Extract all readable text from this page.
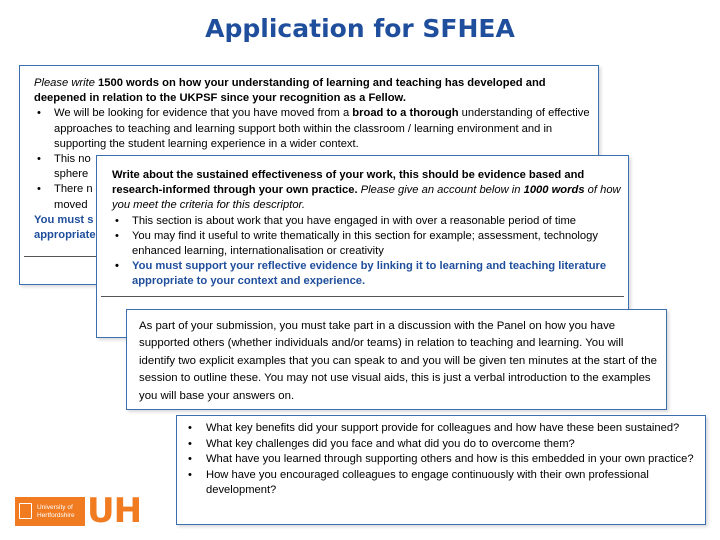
Application for SFHEA
Please write 1500 words on how your understanding of learning and teaching has developed and deepened in relation to the UKPSF since your recognition as a Fellow.
• We will be looking for evidence that you have moved from a broad to a thorough understanding of effective approaches to teaching and learning support both within the classroom / learning environment and in supporting the student learning experience in a wider context.
• This no
sphere
• There n
moved
You must s
appropriate
Write about the sustained effectiveness of your work, this should be evidence based and research-informed through your own practice. Please give an account below in 1000 words of how you meet the criteria for this descriptor.
• This section is about work that you have engaged in with over a reasonable period of time
• You may find it useful to write thematically in this section for example; assessment, technology enhanced learning, internationalisation or creativity
• You must support your reflective evidence by linking it to learning and teaching literature appropriate to your context and experience.
As part of your submission, you must take part in a discussion with the Panel on how you have supported others (whether individuals and/or teams) in relation to teaching and learning. You will identify two explicit examples that you can speak to and you will be given ten minutes at the start of the session to outline these. You may not use visual aids, this is just a verbal introduction to the examples you will base your answers on.
• What key benefits did your support provide for colleagues and how have these been sustained?
• What key challenges did you face and what did you do to overcome them?
• What have you learned through supporting others and how is this embedded in your own practice?
• How have you encouraged colleagues to engage continuously with their own professional development?
University of
Hertfordshire UH
